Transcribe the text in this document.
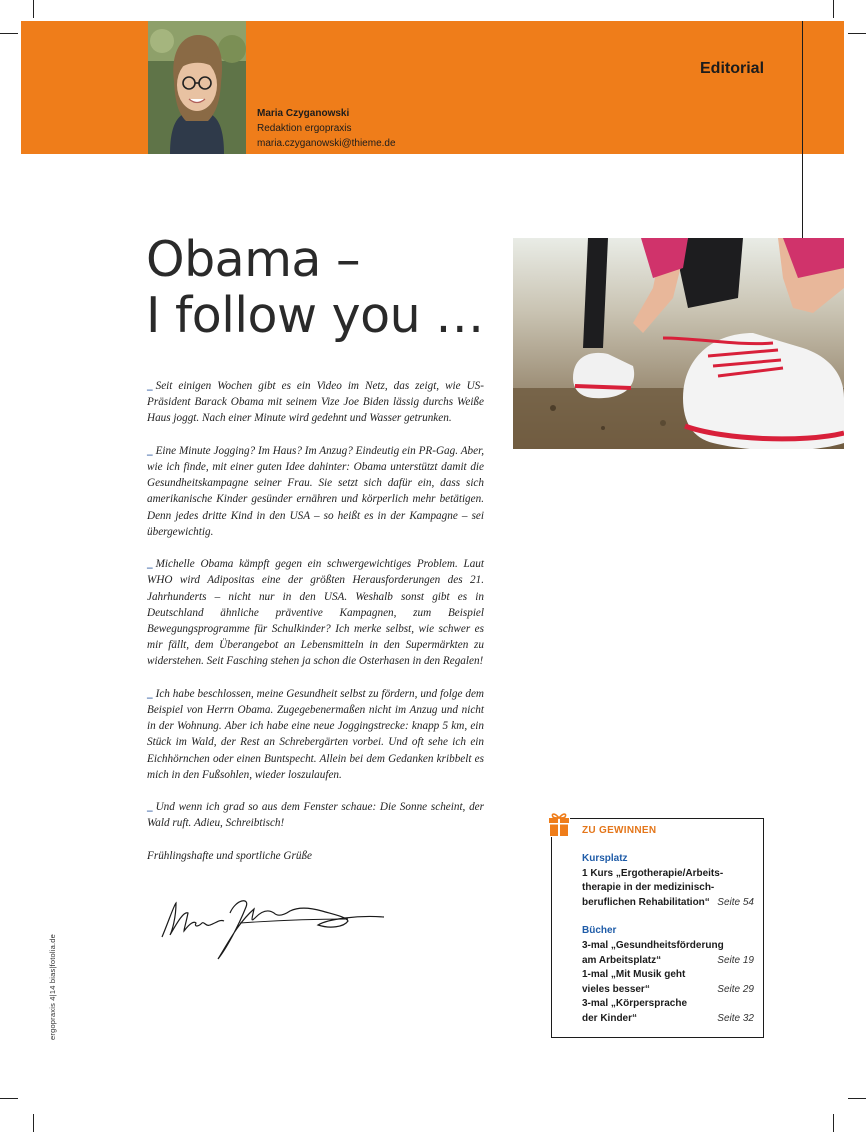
Maria Czyganowski
Redaktion ergopraxis
maria.czyganowski@thieme.de
Editorial
Obama –
I follow you …

_ Seit einigen Wochen gibt es ein Video im Netz, das zeigt, wie US-Präsident Barack Obama mit seinem Vize Joe Biden lässig durchs Weiße Haus joggt. Nach einer Minute wird gedehnt und Wasser getrunken.

_ Eine Minute Jogging? Im Haus? Im Anzug? Eindeutig ein PR-Gag. Aber, wie ich finde, mit einer guten Idee dahinter: Obama unterstützt damit die Gesundheitskampagne seiner Frau. Sie setzt sich dafür ein, dass sich amerikanische Kinder gesünder ernähren und körperlich mehr betätigen. Denn jedes dritte Kind in den USA – so heißt es in der Kampagne – sei übergewichtig.

_ Michelle Obama kämpft gegen ein schwergewichtiges Problem. Laut WHO wird Adipositas eine der größten Herausforderungen des 21. Jahrhunderts – nicht nur in den USA. Weshalb sonst gibt es in Deutschland ähnliche präventive Kampagnen, zum Beispiel Bewegungsprogramme für Schulkinder? Ich merke selbst, wie schwer es mir fällt, dem Überangebot an Lebensmitteln in den Supermärkten zu widerstehen. Seit Fasching stehen ja schon die Osterhasen in den Regalen!

_ Ich habe beschlossen, meine Gesundheit selbst zu fördern, und folge dem Beispiel von Herrn Obama. Zugegebenermaßen nicht im Anzug und nicht in der Wohnung. Aber ich habe eine neue Joggingstrecke: knapp 5 km, ein Stück im Wald, der Rest an Schrebergärten vorbei. Und oft sehe ich ein Eichhörnchen oder einen Buntspecht. Allein bei dem Gedanken kribbelt es mich in den Fußsohlen, wieder loszulaufen.

_ Und wenn ich grad so aus dem Fenster schaue: Die Sonne scheint, der Wald ruft. Adieu, Schreibtisch!

Frühlingshafte und sportliche Grüße

ergopraxis 4|14 bias|fotolia.de
ZU GEWINNEN
Kursplatz
1 Kurs „Ergotherapie/Arbeits-
therapie in der medizinisch-
beruflichen Rehabilitation“ Seite 54
Bücher
3-mal „Gesundheitsförderung
am Arbeitsplatz“	Seite 19
1-mal „Mit Musik geht
vieles besser“	Seite 29
3-mal „Körpersprache
der Kinder“	Seite 32
